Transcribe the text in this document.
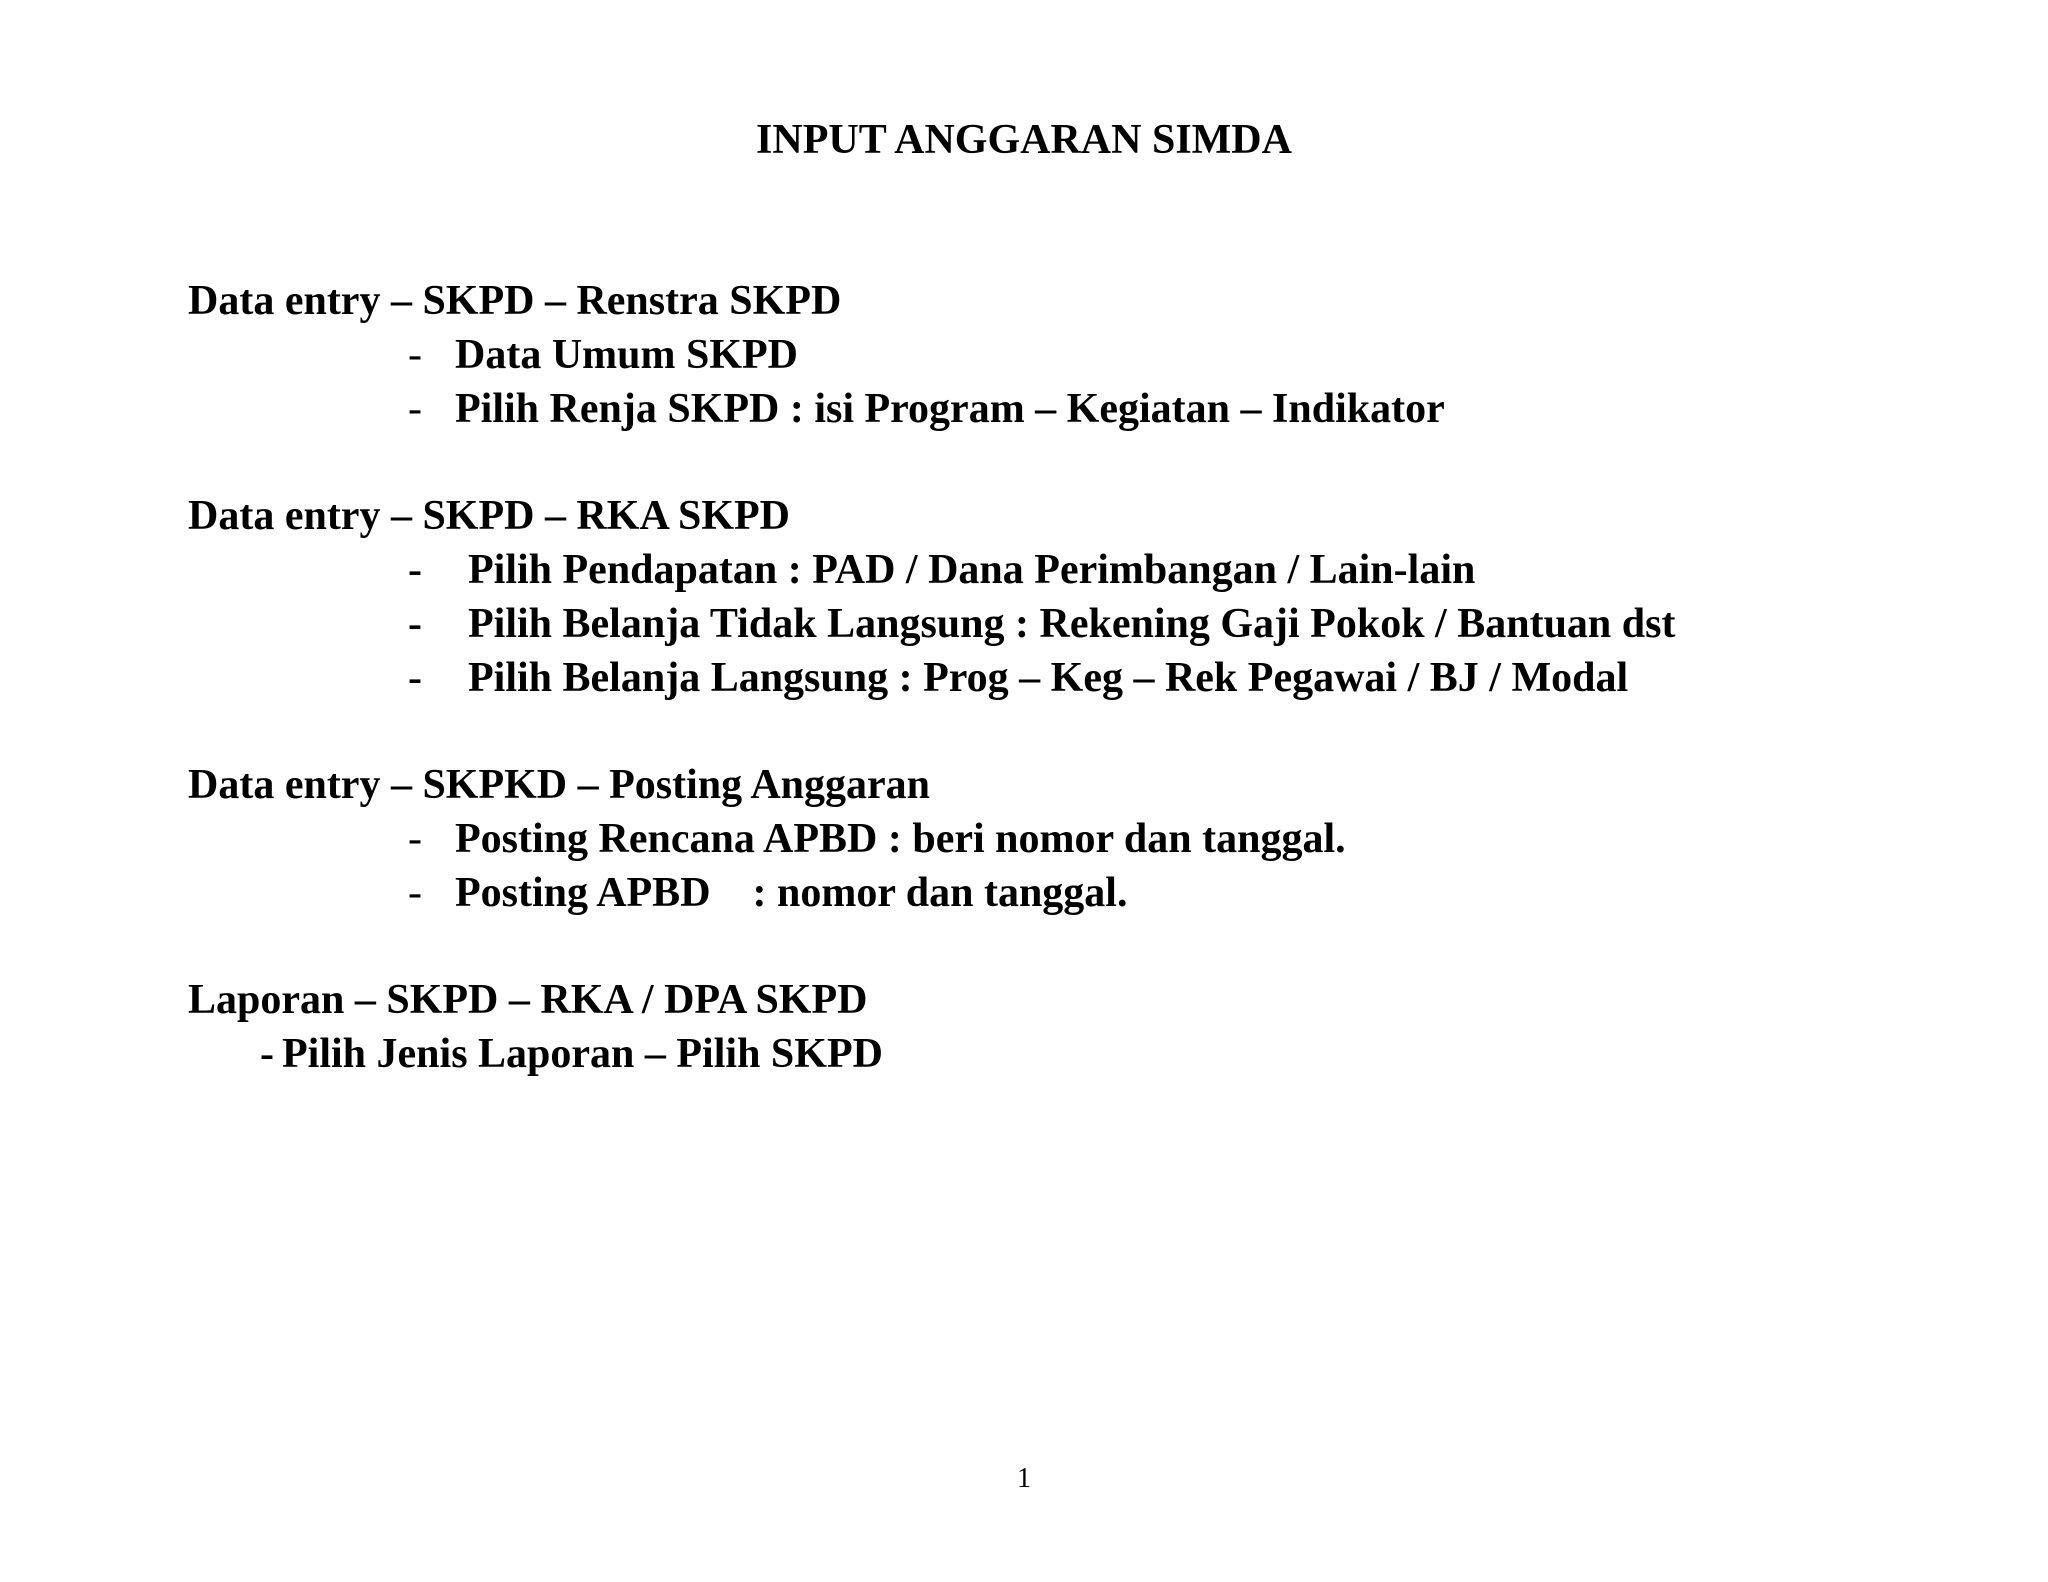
INPUT ANGGARAN SIMDA
Data entry – SKPD – Renstra SKPD
- Data Umum SKPD
- Pilih Renja SKPD : isi Program – Kegiatan – Indikator
Data entry – SKPD – RKA SKPD
- Pilih Pendapatan : PAD / Dana Perimbangan / Lain-lain
- Pilih Belanja Tidak Langsung : Rekening Gaji Pokok / Bantuan dst
- Pilih Belanja Langsung : Prog – Keg – Rek Pegawai / BJ / Modal
Data entry – SKPKD – Posting Anggaran
- Posting Rencana APBD : beri nomor dan tanggal.
- Posting APBD    : nomor dan tanggal.
Laporan – SKPD – RKA / DPA SKPD
- Pilih Jenis Laporan – Pilih SKPD
1
